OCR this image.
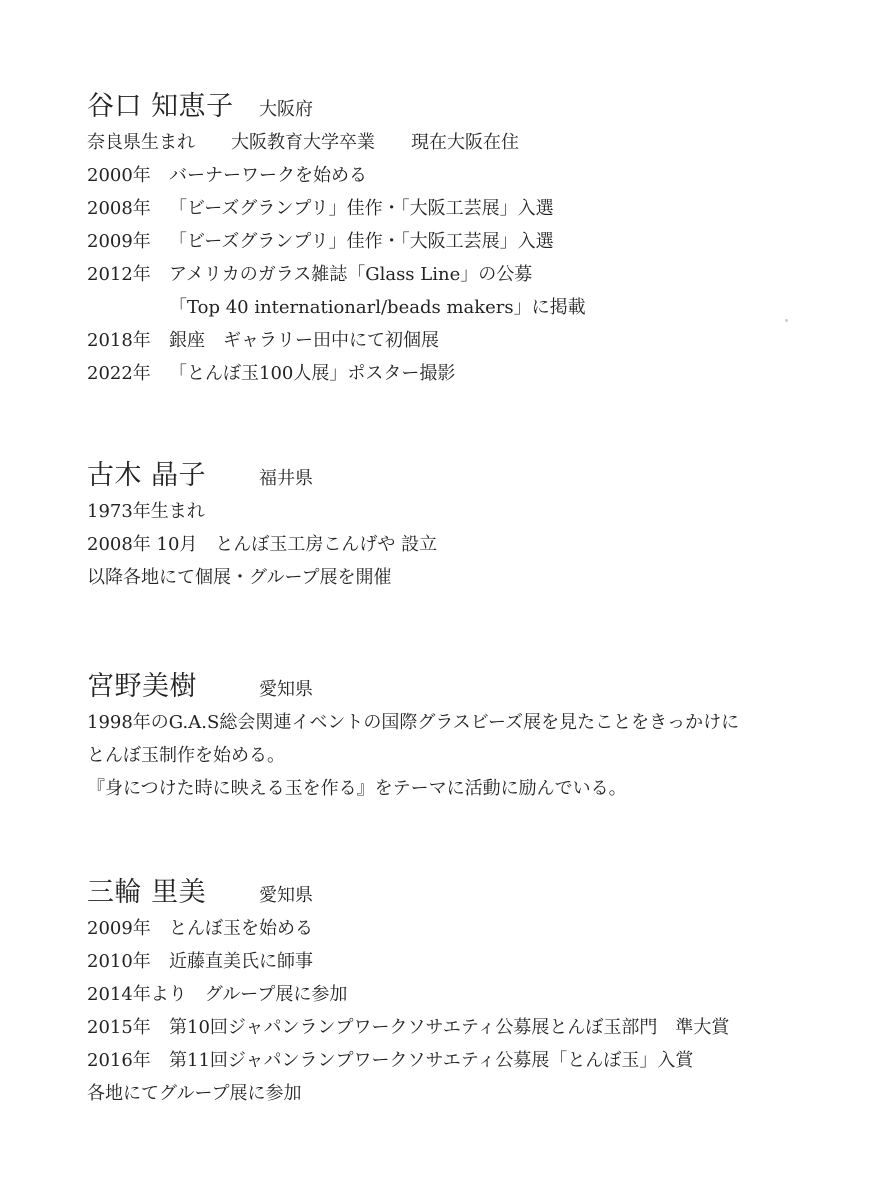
谷口 知恵子	大阪府
奈良県生まれ　　大阪教育大学卒業　　現在大阪在住
2000年 バーナーワークを始める
2008年 「ビーズグランプリ」佳作・「大阪工芸展」入選
2009年 「ビーズグランプリ」佳作・「大阪工芸展」入選
2012年 アメリカのガラス雑誌「Glass Line」の公募
「Top 40 internationarl/beads makers」に掲載
2018年 銀座　ギャラリー田中にて初個展
2022年 「とんぼ玉100人展」ポスター撮影
古木 晶子	福井県
1973年生まれ
2008年 10月　とんぼ玉工房こんげや 設立
以降各地にて個展・グループ展を開催
宮野美樹	愛知県
1998年のG.A.S総会関連イベントの国際グラスビーズ展を見たことをきっかけに
とんぼ玉制作を始める。
『身につけた時に映える玉を作る』をテーマに活動に励んでいる。
三輪 里美	愛知県
2009年 とんぼ玉を始める
2010年 近藤直美氏に師事
2014年より　グループ展に参加
2015年 第10回ジャパンランプワークソサエティ公募展とんぼ玉部門　準大賞
2016年 第11回ジャパンランプワークソサエティ公募展「とんぼ玉」入賞
各地にてグループ展に参加
